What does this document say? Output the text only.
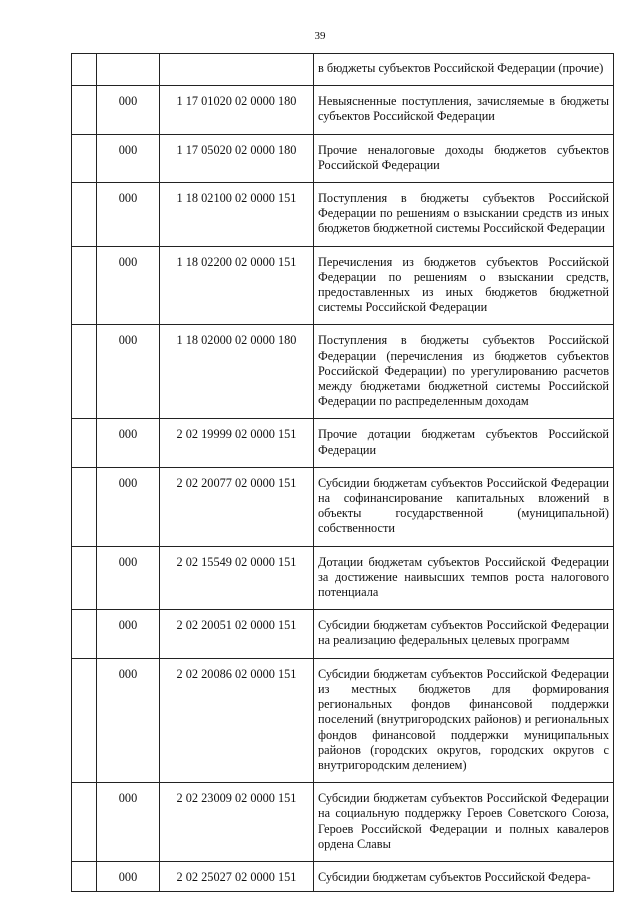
39
			в бюджеты субъектов Российской Федерации (прочие)
	000	1 17 01020 02 0000 180	Невыясненные поступления, зачисляемые в бюджеты субъектов Российской Федерации
	000	1 17 05020 02 0000 180	Прочие неналоговые доходы бюджетов субъектов Российской Федерации
	000	1 18 02100 02 0000 151	Поступления в бюджеты субъектов Российской Федерации по решениям о взыскании средств из иных бюджетов бюджетной системы Российской Федерации
	000	1 18 02200 02 0000 151	Перечисления из бюджетов субъектов Российской Федерации по решениям о взыскании средств, предоставленных из иных бюджетов бюджетной системы Российской Федерации
	000	1 18 02000 02 0000 180	Поступления в бюджеты субъектов Российской Федерации (перечисления из бюджетов субъектов Российской Федерации) по урегулированию расчетов между бюджетами бюджетной системы Российской Федерации по распределенным доходам
	000	2 02 19999 02 0000 151	Прочие дотации бюджетам субъектов Российской Федерации
	000	2 02 20077 02 0000 151	Субсидии бюджетам субъектов Российской Федерации на софинансирование капитальных вложений в объекты государственной (муниципальной) собственности
	000	2 02 15549 02 0000 151	Дотации бюджетам субъектов Российской Федерации за достижение наивысших темпов роста налогового потенциала
	000	2 02 20051 02 0000 151	Субсидии бюджетам субъектов Российской Федерации на реализацию федеральных целевых программ
	000	2 02 20086 02 0000 151	Субсидии бюджетам субъектов Российской Федерации из местных бюджетов для формирования региональных фондов финансовой поддержки поселений (внутригородских районов) и региональных фондов финансовой поддержки муниципальных районов (городских округов, городских округов с внутригородским делением)
	000	2 02 23009 02 0000 151	Субсидии бюджетам субъектов Российской Федерации на социальную поддержку Героев Советского Союза, Героев Российской Федерации и полных кавалеров ордена Славы
	000	2 02 25027 02 0000 151	Субсидии бюджетам субъектов Российской Федера-
